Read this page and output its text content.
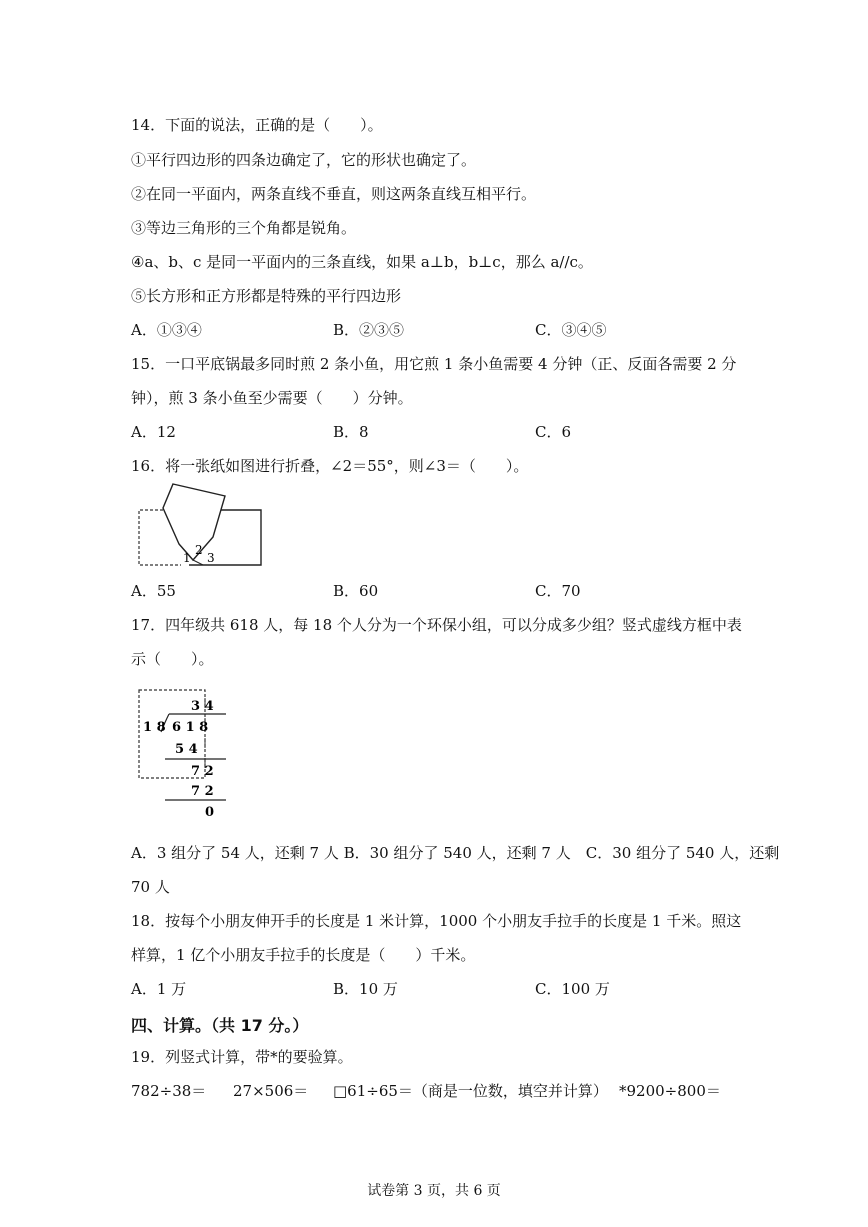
14．下面的说法，正确的是（　　）。
①平行四边形的四条边确定了，它的形状也确定了。
②在同一平面内，两条直线不垂直，则这两条直线互相平行。
③等边三角形的三个角都是锐角。
④a、b、c 是同一平面内的三条直线，如果 a⊥b，b⊥c，那么 a//c。
⑤长方形和正方形都是特殊的平行四边形
A．①③④	B．②③⑤	C．③④⑤
15．一口平底锅最多同时煎 2 条小鱼，用它煎 1 条小鱼需要 4 分钟（正、反面各需要 2 分
钟），煎 3 条小鱼至少需要（　　）分钟。
A．12	B．8	C．6
16．将一张纸如图进行折叠，∠2＝55°，则∠3＝（　　）。
1
2
3
A．55	B．60	C．70
17．四年级共 618 人，每 18 个人分为一个环保小组，可以分成多少组？竖式虚线方框中表
示（　　）。
3 4
1 8 6 1 8
5 4
7 2
7 2
0
A．3 组分了 54 人，还剩 7 人 B．30 组分了 540 人，还剩 7 人　C．30 组分了 540 人，还剩
70 人
18．按每个小朋友伸开手的长度是 1 米计算，1000 个小朋友手拉手的长度是 1 千米。照这
样算，1 亿个小朋友手拉手的长度是（　　）千米。
A．1 万	B．10 万	C．100 万
四、计算。（共 17 分。）
19．列竖式计算，带*的要验算。
782÷38＝ 27×506＝ □61÷65＝（商是一位数，填空并计算） *9200÷800＝
试卷第 3 页，共 6 页
